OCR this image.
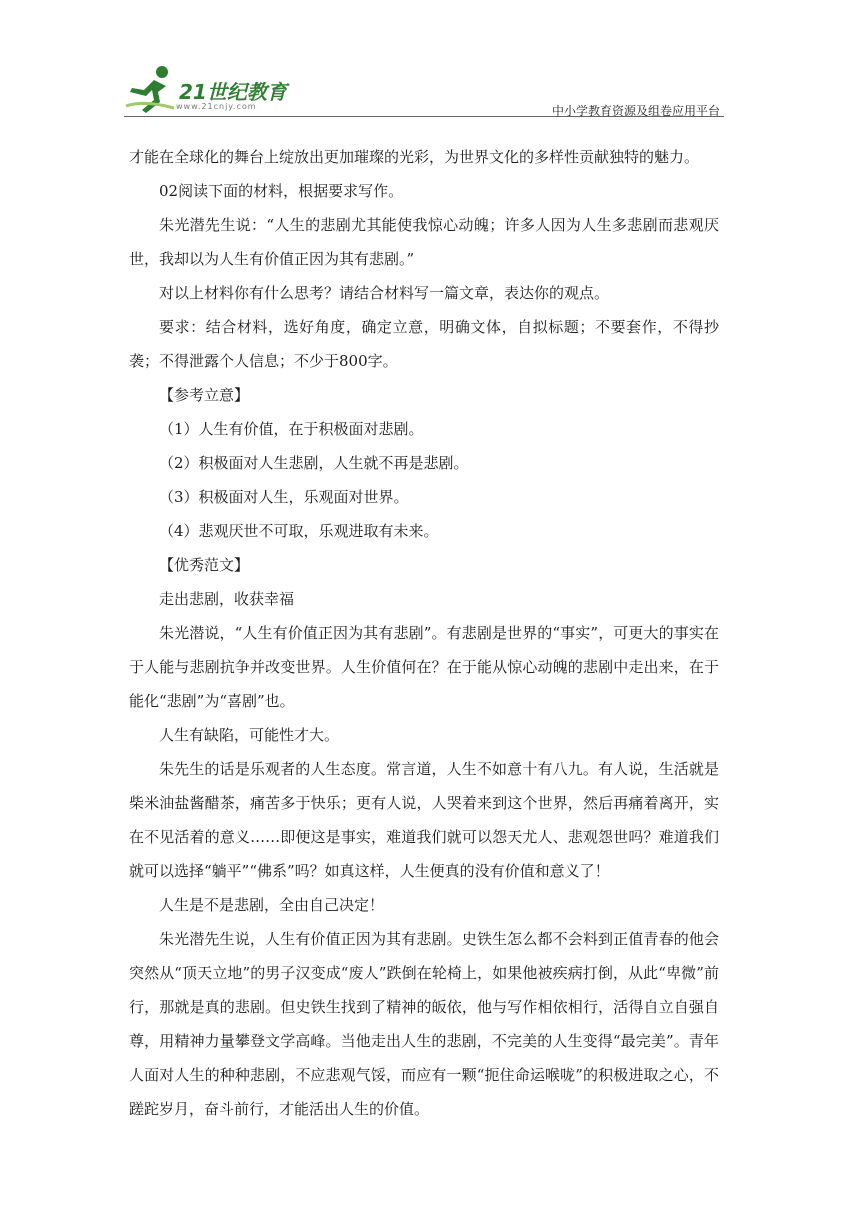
21世纪教育
www.21cnjy.com	中小学教育资源及组卷应用平台

才能在全球化的舞台上绽放出更加璀璨的光彩，为世界文化的多样性贡献独特的魅力。

02阅读下面的材料，根据要求写作。

朱光潜先生说：“人生的悲剧尤其能使我惊心动魄；许多人因为人生多悲剧而悲观厌世，我却以为人生有价值正因为其有悲剧。”

对以上材料你有什么思考？请结合材料写一篇文章，表达你的观点。

要求：结合材料，选好角度，确定立意，明确文体，自拟标题；不要套作，不得抄袭；不得泄露个人信息；不少于800字。

【参考立意】

（1）人生有价值，在于积极面对悲剧。

（2）积极面对人生悲剧，人生就不再是悲剧。

（3）积极面对人生，乐观面对世界。

（4）悲观厌世不可取，乐观进取有未来。

【优秀范文】

走出悲剧，收获幸福

朱光潜说，“人生有价值正因为其有悲剧”。有悲剧是世界的“事实”，可更大的事实在于人能与悲剧抗争并改变世界。人生价值何在？在于能从惊心动魄的悲剧中走出来，在于能化“悲剧”为“喜剧”也。

人生有缺陷，可能性才大。

朱先生的话是乐观者的人生态度。常言道，人生不如意十有八九。有人说，生活就是柴米油盐酱醋茶，痛苦多于快乐；更有人说，人哭着来到这个世界，然后再痛着离开，实在不见活着的意义……即便这是事实，难道我们就可以怨天尤人、悲观怨世吗？难道我们就可以选择“躺平”“佛系”吗？如真这样，人生便真的没有价值和意义了！

人生是不是悲剧，全由自己决定！

朱光潜先生说，人生有价值正因为其有悲剧。史铁生怎么都不会料到正值青春的他会突然从“顶天立地”的男子汉变成“废人”跌倒在轮椅上，如果他被疾病打倒，从此“卑微”前行，那就是真的悲剧。但史铁生找到了精神的皈依，他与写作相依相行，活得自立自强自尊，用精神力量攀登文学高峰。当他走出人生的悲剧，不完美的人生变得“最完美”。青年人面对人生的种种悲剧，不应悲观气馁，而应有一颗“扼住命运喉咙”的积极进取之心，不蹉跎岁月，奋斗前行，才能活出人生的价值。
